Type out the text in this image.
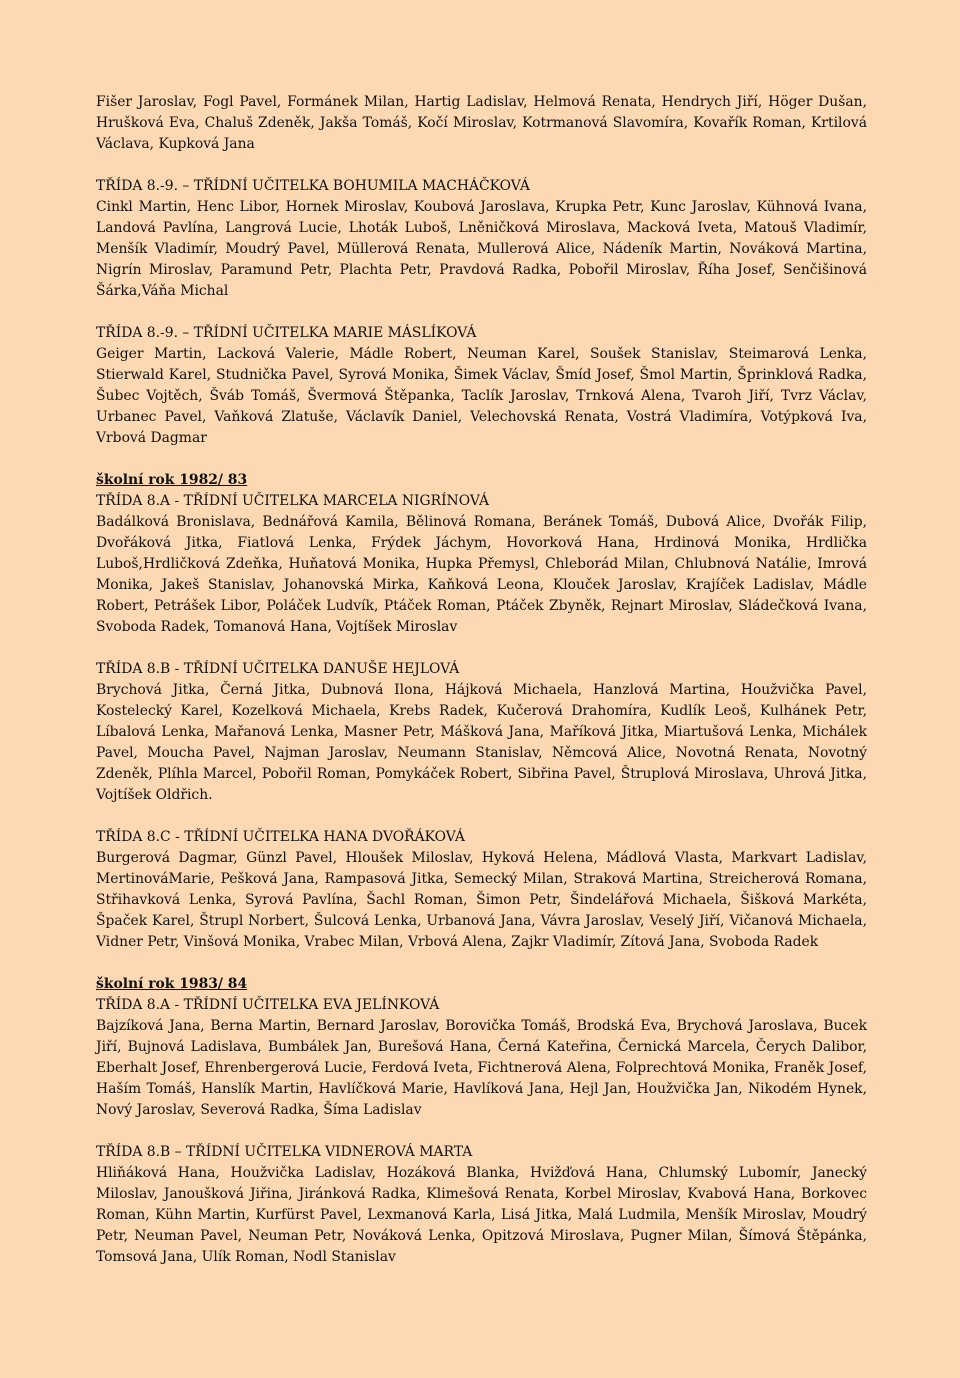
Fišer Jaroslav, Fogl Pavel, Formánek Milan, Hartig Ladislav, Helmová Renata, Hendrych Jiří, Höger Dušan, Hrušková Eva, Chaluš Zdeněk, Jakša Tomáš, Kočí Miroslav, Kotrmanová Slavomíra, Kovařík Roman, Krtilová Václava, Kupková Jana

TŘÍDA 8.-9. – TŘÍDNÍ UČITELKA BOHUMILA MACHÁČKOVÁ

Cinkl Martin, Henc Libor, Hornek Miroslav, Koubová Jaroslava, Krupka Petr, Kunc Jaroslav, Kühnová Ivana, Landová Pavlína, Langrová Lucie, Lhoták Luboš, Lněničková Miroslava, Macková Iveta, Matouš Vladimír, Menšík Vladimír, Moudrý Pavel, Müllerová Renata, Mullerová Alice, Nádeník Martin, Nováková Martina, Nigrín Miroslav, Paramund Petr, Plachta Petr, Pravdová Radka, Pobořil Miroslav, Říha Josef, Senčišinová Šárka,Váňa Michal

TŘÍDA 8.-9. – TŘÍDNÍ UČITELKA MARIE MÁSLÍKOVÁ

Geiger Martin, Lacková Valerie, Mádle Robert, Neuman Karel, Soušek Stanislav, Steimarová Lenka, Stierwald Karel, Studnička Pavel, Syrová Monika, Šimek Václav, Šmíd Josef, Šmol Martin, Šprinklová Radka, Šubec Vojtěch, Šváb Tomáš, Švermová Štěpanka, Taclík Jaroslav, Trnková Alena, Tvaroh Jiří, Tvrz Václav, Urbanec Pavel, Vaňková Zlatuše, Václavík Daniel, Velechovská Renata, Vostrá Vladimíra, Votýpková Iva, Vrbová Dagmar

školní rok 1982/ 83

TŘÍDA 8.A - TŘÍDNÍ UČITELKA MARCELA NIGRÍNOVÁ

Badálková Bronislava, Bednářová Kamila, Bělinová Romana, Beránek Tomáš, Dubová Alice, Dvořák Filip, Dvořáková Jitka, Fiatlová Lenka, Frýdek Jáchym, Hovorková Hana, Hrdinová Monika, Hrdlička Luboš,Hrdličková Zdeňka, Huňatová Monika, Hupka Přemysl, Chleborád Milan, Chlubnová Natálie, Imrová Monika, Jakeš Stanislav, Johanovská Mirka, Kaňková Leona, Klouček Jaroslav, Krajíček Ladislav, Mádle Robert, Petrášek Libor, Poláček Ludvík, Ptáček Roman, Ptáček Zbyněk, Rejnart Miroslav, Sládečková Ivana, Svoboda Radek, Tomanová Hana, Vojtíšek Miroslav

TŘÍDA 8.B - TŘÍDNÍ UČITELKA DANUŠE HEJLOVÁ

Brychová Jitka, Černá Jitka, Dubnová Ilona, Hájková Michaela, Hanzlová Martina, Houžvička Pavel, Kostelecký Karel, Kozelková Michaela, Krebs Radek, Kučerová Drahomíra, Kudlík Leoš, Kulhánek Petr, Líbalová Lenka, Mařanová Lenka, Masner Petr, Mášková Jana, Maříková Jitka, Miartušová Lenka, Michálek Pavel, Moucha Pavel, Najman Jaroslav, Neumann Stanislav, Němcová Alice, Novotná Renata, Novotný Zdeněk, Plíhla Marcel, Pobořil Roman, Pomykáček Robert, Sibřina Pavel, Štruplová Miroslava, Uhrová Jitka, Vojtíšek Oldřich.

TŘÍDA 8.C - TŘÍDNÍ UČITELKA HANA DVOŘÁKOVÁ

Burgerová Dagmar, Günzl Pavel, Hloušek Miloslav, Hyková Helena, Mádlová Vlasta, Markvart Ladislav, MertinováMarie, Pešková Jana, Rampasová Jitka, Semecký Milan, Straková Martina, Streicherová Romana, Střihavková Lenka, Syrová Pavlína, Šachl Roman, Šimon Petr, Šindelářová Michaela, Šišková Markéta, Špaček Karel, Štrupl Norbert, Šulcová Lenka, Urbanová Jana, Vávra Jaroslav, Veselý Jiří, Vičanová Michaela, Vidner Petr, Vinšová Monika, Vrabec Milan, Vrbová Alena, Zajkr Vladimír, Zítová Jana, Svoboda Radek

školní rok 1983/ 84

TŘÍDA 8.A - TŘÍDNÍ UČITELKA EVA JELÍNKOVÁ

Bajzíková Jana, Berna Martin, Bernard Jaroslav, Borovička Tomáš, Brodská Eva, Brychová Jaroslava, Bucek Jiří, Bujnová Ladislava, Bumbálek Jan, Burešová Hana, Černá Kateřina, Černická Marcela, Čerych Dalibor, Eberhalt Josef, Ehrenbergerová Lucie, Ferdová Iveta, Fichtnerová Alena, Folprechtová Monika, Franěk Josef, Haším Tomáš, Hanslík Martin, Havlíčková Marie, Havlíková Jana, Hejl Jan, Houžvička Jan, Nikodém Hynek, Nový Jaroslav, Severová Radka, Šíma Ladislav

TŘÍDA 8.B – TŘÍDNÍ UČITELKA VIDNEROVÁ MARTA

Hliňáková Hana, Houžvička Ladislav, Hozáková Blanka, Hvižďová Hana, Chlumský Lubomír, Janecký Miloslav, Janoušková Jiřina, Jiránková Radka, Klimešová Renata, Korbel Miroslav, Kvabová Hana, Borkovec Roman, Kühn Martin, Kurfürst Pavel, Lexmanová Karla, Lisá Jitka, Malá Ludmila, Menšík Miroslav, Moudrý Petr, Neuman Pavel, Neuman Petr, Nováková Lenka, Opitzová Miroslava, Pugner Milan, Šímová Štěpánka, Tomsová Jana, Ulík Roman, Nodl Stanislav
